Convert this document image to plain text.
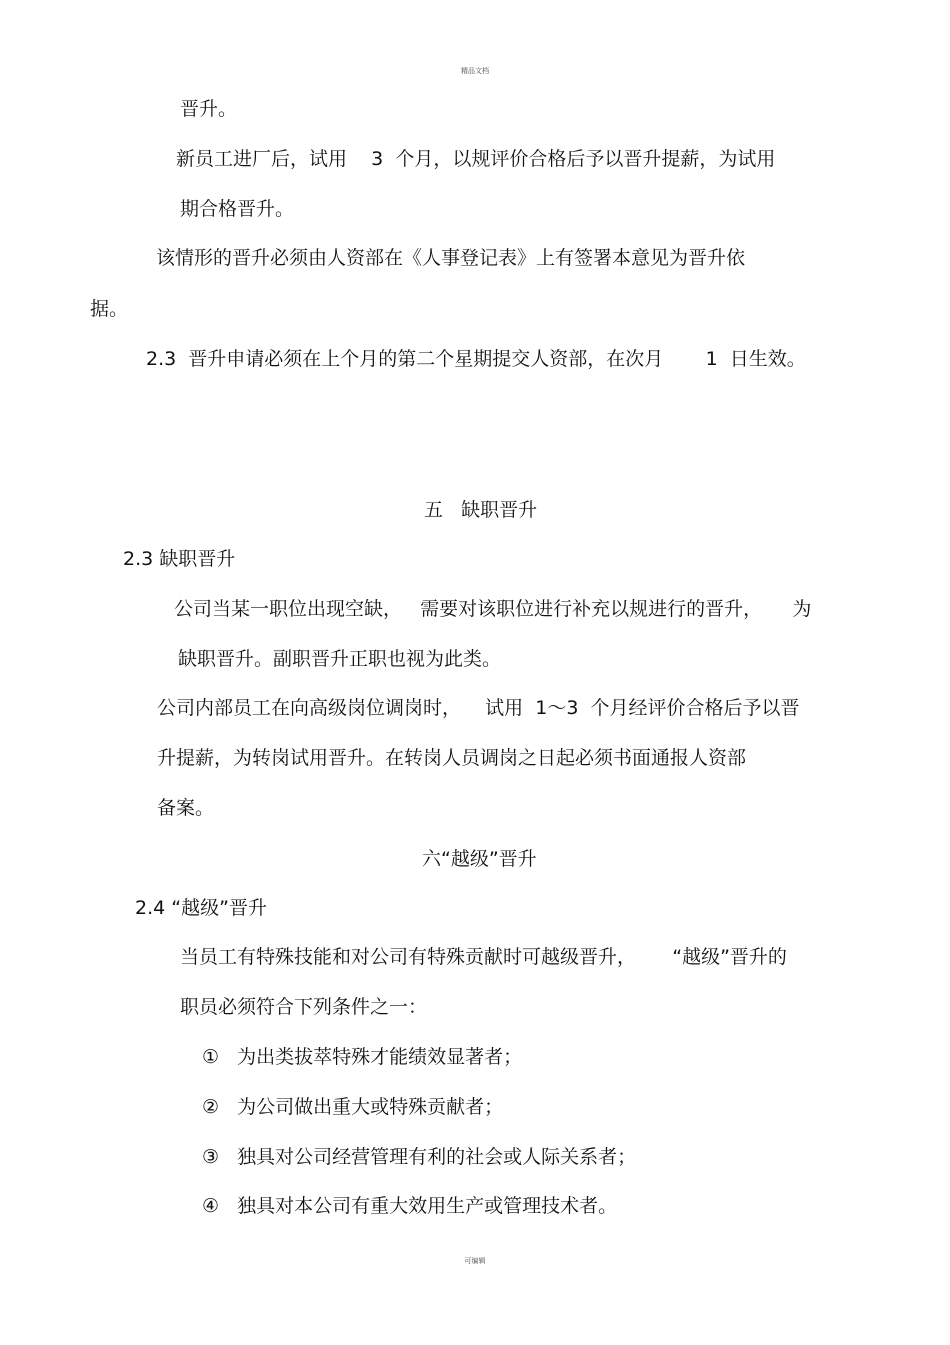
精品文档
晋升。
新员工进厂后，试用    3  个月，以规评价合格后予以晋升提薪，为试用
期合格晋升。
该情形的晋升必须由人资部在《人事登记表》上有签署本意见为晋升依
据。
2.3  晋升申请必须在上个月的第二个星期提交人资部，在次月       1  日生效。
五   缺职晋升
2.3 缺职晋升
公司当某一职位出现空缺，   需要对该职位进行补充以规进行的晋升，     为
缺职晋升。副职晋升正职也视为此类。
公司内部员工在向高级岗位调岗时，    试用  1～3  个月经评价合格后予以晋
升提薪，为转岗试用晋升。在转岗人员调岗之日起必须书面通报人资部
备案。
六“越级”晋升
2.4 “越级”晋升
当员工有特殊技能和对公司有特殊贡献时可越级晋升，      “越级”晋升的
职员必须符合下列条件之一：
①   为出类拔萃特殊才能绩效显著者；
②   为公司做出重大或特殊贡献者；
③   独具对公司经营管理有利的社会或人际关系者；
④   独具对本公司有重大效用生产或管理技术者。
可编辑
